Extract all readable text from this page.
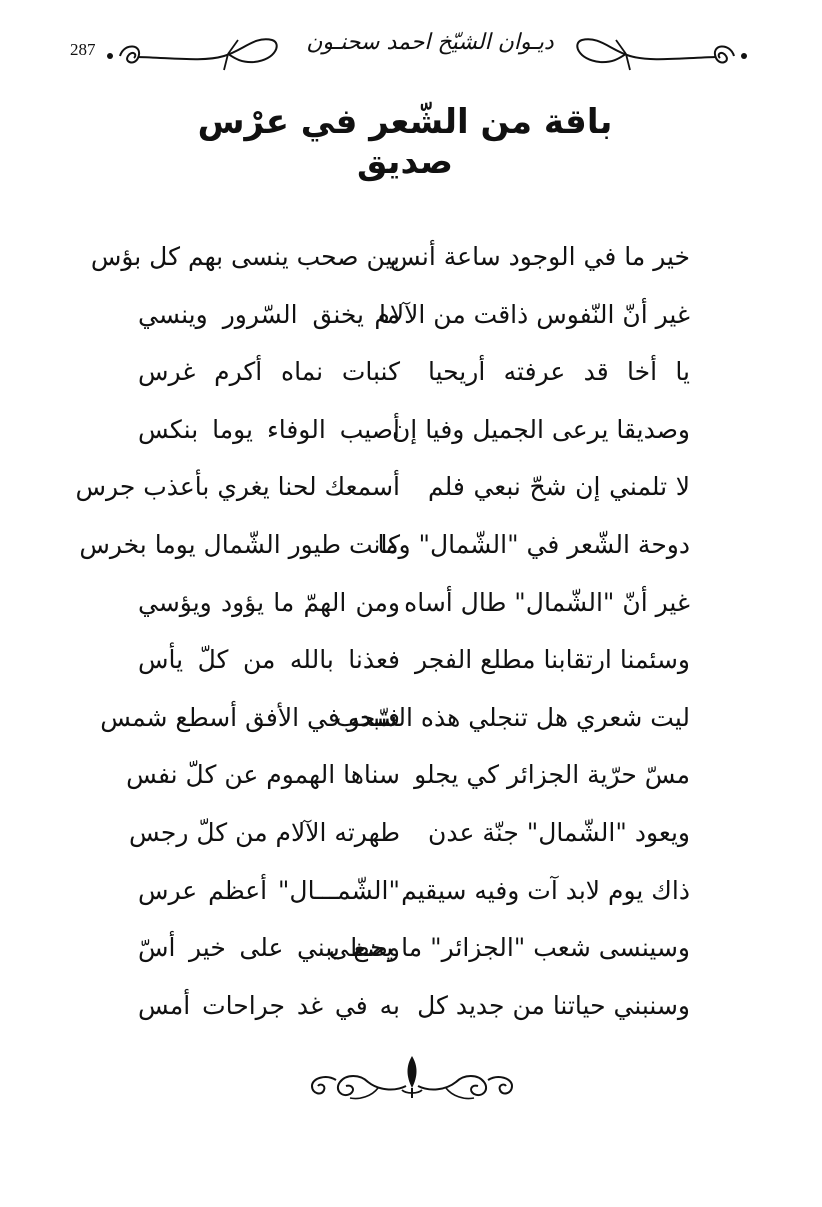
287	ديـوان الشيّخ احمد سحنـون
باقة من الشّعر في عرْس صديق
خير ما في الوجود ساعة أنس
بين صحب ينسى بهم كل بؤس
غير أنّ النّفوس ذاقت من الآلام
ما يخنق السّرور وينسي
يا أخا قد عرفته أريحيا
كنبات نماه أكرم غرس
وصديقا يرعى الجميل وفيا إن
أصيب الوفاء يوما بنكس
لا تلمني إن شحّ نبعي فلم
أسمعك لحنا يغري بأعذب جرس
دوحة الشّعر في "الشّمال" وما
كانت طيور الشّمال يوما بخرس
غير أنّ "الشّمال" طال أساه
ومن الهمّ ما يؤود ويؤسي
وسئمنا ارتقابنا مطلع الفجر
فعذنا بالله من كلّ يأس
ليت شعري هل تنجلي هذه السّحب
فتبدو في الأفق أسطع شمس
مسّ حرّية الجزائر كي يجلو
سناها الهموم عن كلّ نفس
ويعود "الشّمال" جنّة عدن
طهرته الآلام من كلّ رجس
ذاك يوم لابد آت وفيه سيقيم
"الشّمـــال" أعظم عرس
وسينسى شعب "الجزائر" ما يحظى
وضع يبني على خير أسّ
وسنبني حياتنا من جديد كل
به في غد جراحات أمس
